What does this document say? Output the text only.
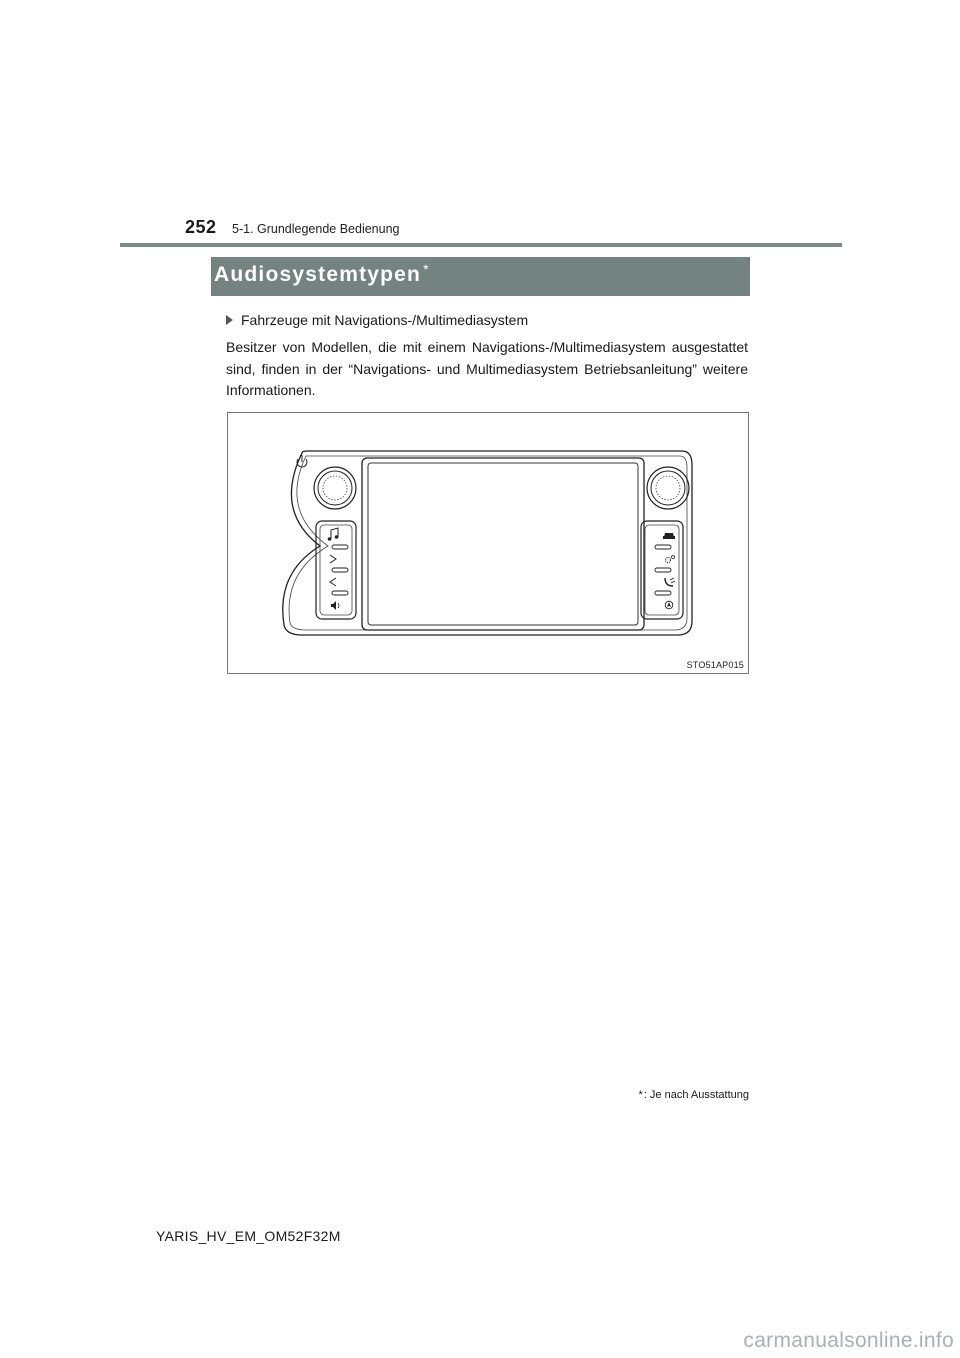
252 5-1. Grundlegende Bedienung
Audiosystemtypen *
Fahrzeuge mit Navigations-/Multimediasystem
Besitzer von Modellen, die mit einem Navigations-/Multimediasystem ausgestattet sind, finden in der “Navigations- und Multimediasystem Betriebsanleitung” weitere Informationen.
STO51AP015
*: Je nach Ausstattung
YARIS_HV_EM_OM52F32M
carmanualsonline.info
